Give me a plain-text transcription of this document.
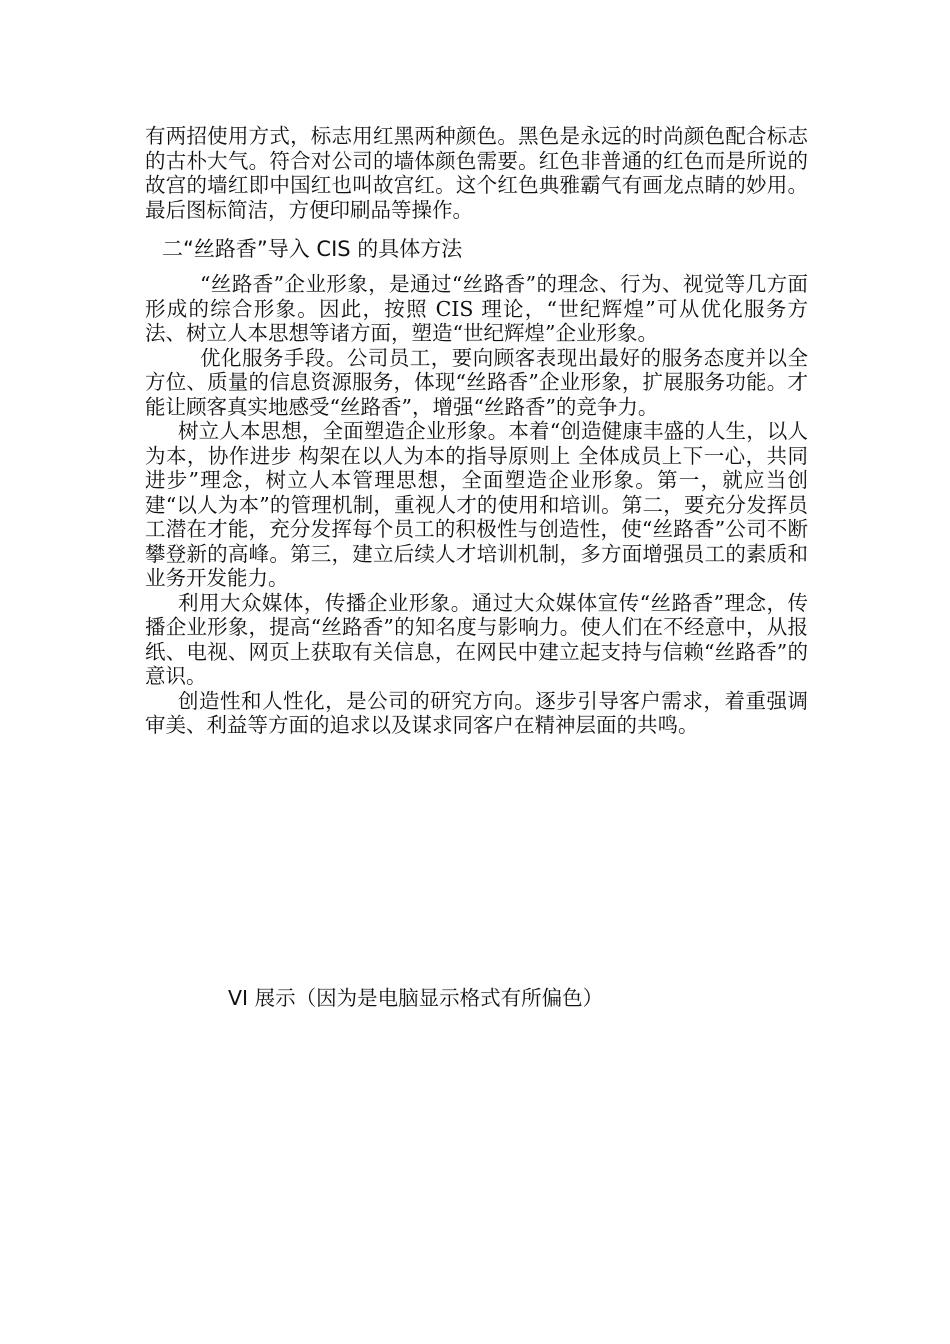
有两招使用方式，标志用红黑两种颜色。黑色是永远的时尚颜色配合标志的古朴大气。符合对公司的墙体颜色需要。红色非普通的红色而是所说的故宫的墙红即中国红也叫故宫红。这个红色典雅霸气有画龙点睛的妙用。最后图标简洁，方便印刷品等操作。

二“丝路香”导入 CIS 的具体方法

“丝路香”企业形象，是通过“丝路香”的理念、行为、视觉等几方面形成的综合形象。因此，按照 CIS 理论，“世纪辉煌”可从优化服务方法、树立人本思想等诸方面，塑造“世纪辉煌”企业形象。

优化服务手段。公司员工，要向顾客表现出最好的服务态度并以全方位、质量的信息资源服务，体现“丝路香”企业形象，扩展服务功能。才能让顾客真实地感受“丝路香”，增强“丝路香”的竞争力。

树立人本思想，全面塑造企业形象。本着“创造健康丰盛的人生，以人为本，协作进步 构架在以人为本的指导原则上 全体成员上下一心，共同进步”理念，树立人本管理思想，全面塑造企业形象。第一，就应当创建“以人为本”的管理机制，重视人才的使用和培训。第二，要充分发挥员工潜在才能，充分发挥每个员工的积极性与创造性，使“丝路香”公司不断攀登新的高峰。第三，建立后续人才培训机制，多方面增强员工的素质和业务开发能力。

利用大众媒体，传播企业形象。通过大众媒体宣传“丝路香”理念，传播企业形象，提高“丝路香”的知名度与影响力。使人们在不经意中，从报纸、电视、网页上获取有关信息，在网民中建立起支持与信赖“丝路香”的意识。

创造性和人性化，是公司的研究方向。逐步引导客户需求，着重强调审美、利益等方面的追求以及谋求同客户在精神层面的共鸣。

VI 展示（因为是电脑显示格式有所偏色）
